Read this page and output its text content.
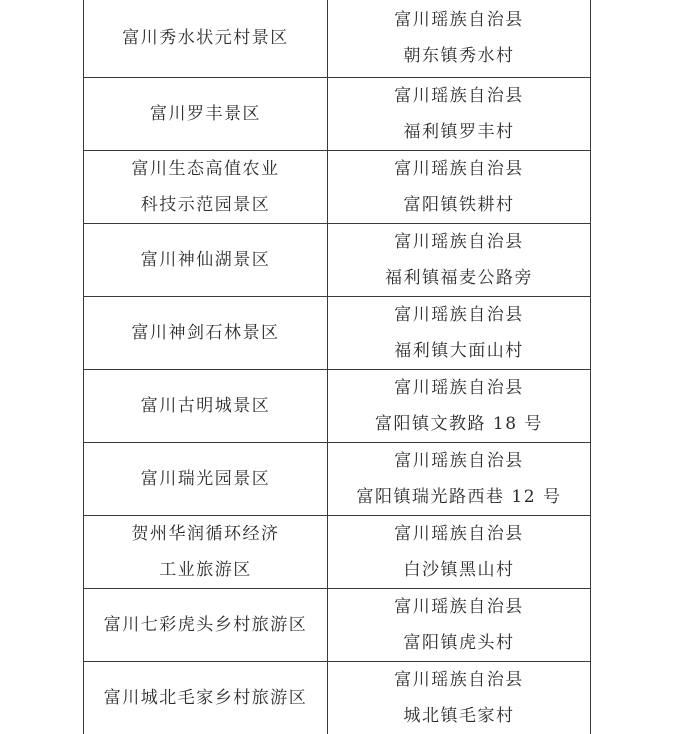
富川秀水状元村景区	富川瑶族自治县
朝东镇秀水村

富川罗丰景区	富川瑶族自治县
福利镇罗丰村

富川生态高值农业
科技示范园景区	富川瑶族自治县
富阳镇铁耕村

富川神仙湖景区	富川瑶族自治县
福利镇福麦公路旁

富川神剑石林景区	富川瑶族自治县
福利镇大面山村

富川古明城景区	富川瑶族自治县
富阳镇文教路 18 号

富川瑞光园景区	富川瑶族自治县
富阳镇瑞光路西巷 12 号

贺州华润循环经济
工业旅游区	富川瑶族自治县
白沙镇黑山村

富川七彩虎头乡村旅游区	富川瑶族自治县
富阳镇虎头村

富川城北毛家乡村旅游区	富川瑶族自治县
城北镇毛家村
